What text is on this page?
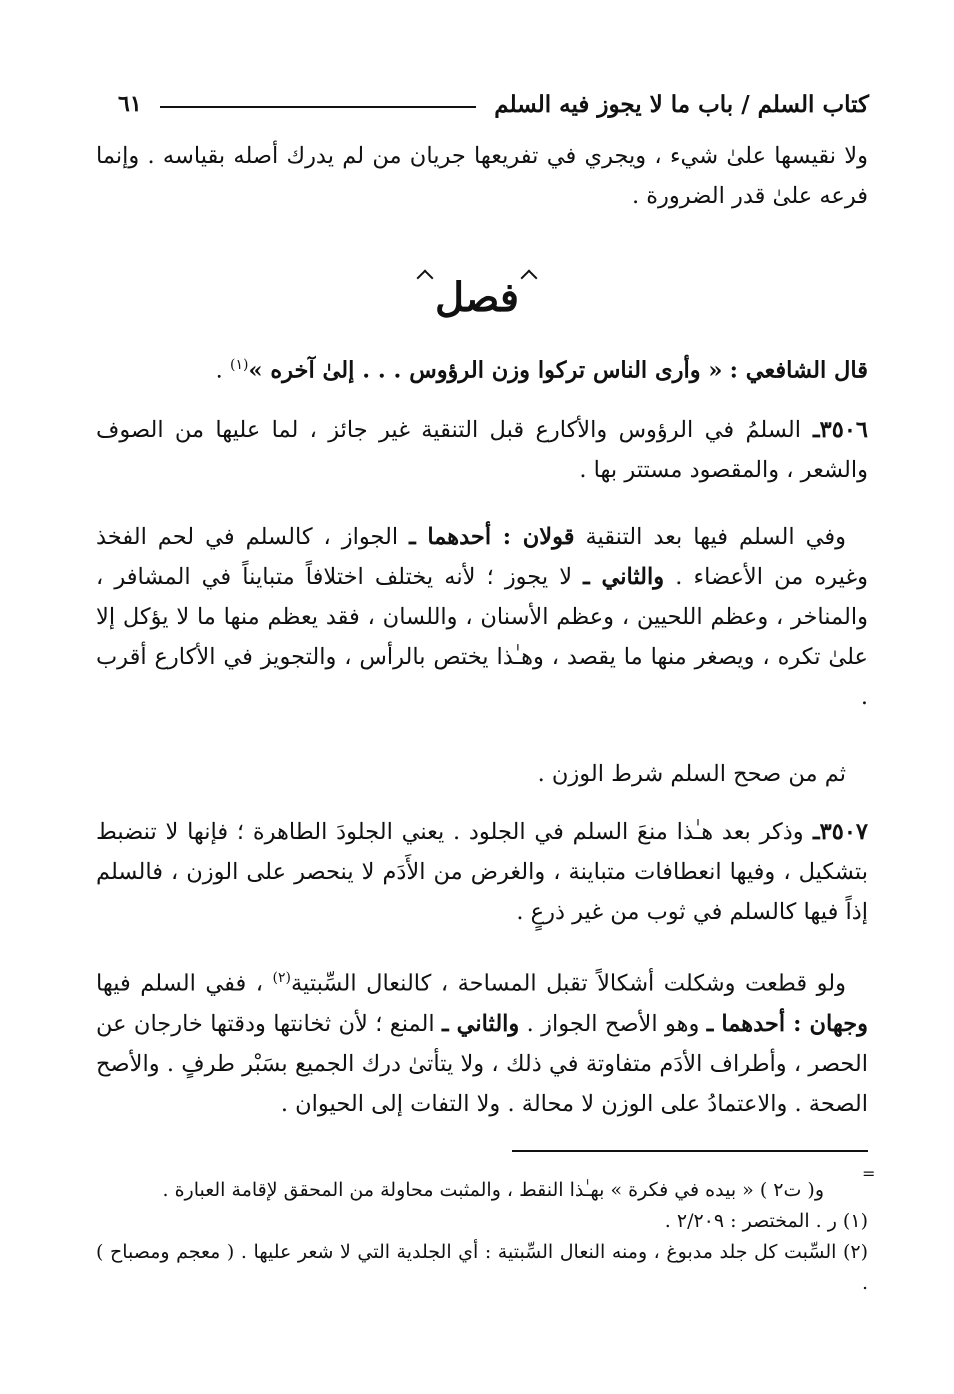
كتاب السلم / باب ما لا يجوز فيه السلم
٦١
ولا نقيسها علىٰ شيء ، ويجري في تفريعها جريان من لم يدرك أصله بقياسه . وإنما فرعه علىٰ قدر الضرورة .
فصل
قال الشافعي : « وأرى الناس تركوا وزن الرؤوس . . . إلىٰ آخره »$^{(١)}$ .
٣٥٠٦ـ السلمُ في الرؤوس والأكارع قبل التنقية غير جائز ، لما عليها من الصوف والشعر ، والمقصود مستتر بها .
وفي السلم فيها بعد التنقية قولان : أحدهما ـ الجواز ، كالسلم في لحم الفخذ وغيره من الأعضاء . والثاني ـ لا يجوز ؛ لأنه يختلف اختلافاً متبايناً في المشافر ، والمناخر ، وعظم اللحيين ، وعظم الأسنان ، واللسان ، فقد يعظم منها ما لا يؤكل إلا علىٰ تكره ، ويصغر منها ما يقصد ، وهـٰذا يختص بالرأس ، والتجويز في الأكارع أقرب .
ثم من صحح السلم شرط الوزن .
٣٥٠٧ـ وذكر بعد هـٰذا منعَ السلم في الجلود . يعني الجلودَ الطاهرة ؛ فإنها لا تنضبط بتشكيل ، وفيها انعطافات متباينة ، والغرض من الأَدَم لا ينحصر على الوزن ، فالسلم إذاً فيها كالسلم في ثوب من غير ذرعٍ .
ولو قطعت وشكلت أشكالاً تقبل المساحة ، كالنعال السِّبتية$^{(٢)}$ ، ففي السلم فيها وجهان : أحدهما ـ وهو الأصح الجواز . والثاني ـ المنع ؛ لأن ثخانتها ودقتها خارجان عن الحصر ، وأطراف الأدَم متفاوتة في ذلك ، ولا يتأتىٰ درك الجميع بسَبْر طرفٍ . والأصح الصحة . والاعتمادُ على الوزن لا محالة . ولا التفات إلى الحيوان .
=
و( ت٢ ) « بيده في فكرة » بهـٰذا النقط ، والمثبت محاولة من المحقق لإقامة العبارة .
(١) ر . المختصر : ٢/٢٠٩ .
(٢) السِّبت كل جلد مدبوغ ، ومنه النعال السِّبتية : أي الجلدية التي لا شعر عليها . ( معجم ومصباح ) .
